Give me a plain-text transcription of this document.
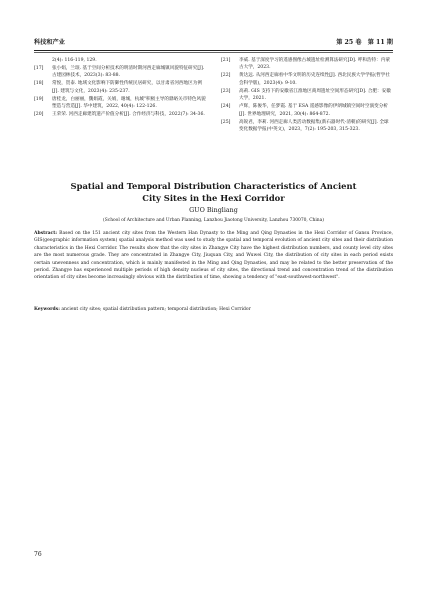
科技和产业	第 25 卷　第 11 期
2(4): 116-119, 129.
[17] 张小娟，兰珉. 基于空间分析技术的明清时期河西走廊城镇风貌特征研究[J]. 古建园林技术，2023(3): 83-88.
[18] 常悦，贺泰. 地域文化影响下防御性传统民居研究，以甘肃省河西地区为例[J]. 建筑与文化，2023(4): 235-237.
[19] 唐桂龙，白丽丽，魏娟霞，关娟，谢城，杭城"积极主导的鼎峪关市特色风貌塑造与营造[J]. 华中建筑，2022, 40(4): 122-126.
[20] 王荣荣. 河西走廊建筑遗产价值分析[J]. 合作经济与科技，2022(7): 34-36.
[21] 李威. 基于深度学习的遥感图像古城遗址检测算法研究[D]. 呼和浩特：内蒙古大学，2023.
[22] 黄达远. 从河西走廊看中华文明的历史连续性[J]. 西北民族大学学报(哲学社会科学版)，2023(4): 9-10.
[23] 高莉. GIS 支持下的安徽省江淮地区商周遗址空间形态研究[D]. 合肥：安徽大学，2021.
[24] 卢辉，陈俊华，任梦霞. 基于 ESA 遥感影像的伊朗城镇空间时空演变分析[J]. 世界地理研究，2021, 30(4): 864-872.
[25] 高锐君，李莉. 河西走廊人类活动数据集(新石器时代-清朝)的研究[J]. 全球变化数据学报(中英文)，2023，7(2): 195-203, 315-323.
Spatial and Temporal Distribution Characteristics of Ancient City Sites in the Hexi Corridor
GUO Bingliang
(School of Architecture and Urban Planning, Lanzhou Jiaotong University, Lanzhou 730070, China)
Abstract: Based on the 151 ancient city sites from the Western Han Dynasty to the Ming and Qing Dynasties in the Hexi Corridor of Gansu Province, GIS(geographic information system) spatial analysis method was used to study the spatial and temporal evolution of ancient city sites and their distribution characteristics in the Hexi Corridor. The results show that the city sites in Zhangye City have the highest distribution numbers, and county level city sites are the most numerous grade. They are concentrated in Zhangye City, Jiuquan City, and Wuwei City, the distribution of city sites in each period exists certain unevenness and concentration, which is mainly manifested in the Ming and Qing Dynasties, and may be related to the better preservation of the period. Zhangye has experienced multiple periods of high density nucleus of city sites, the directional trend and concentration trend of the distribution orientation of city sites become increasingly obvious with the distribution of time, showing a tendency of "east-southwest-northwest".
Keywords: ancient city sites; spatial distribution pattern; temporal distribution; Hexi Corridor
76
